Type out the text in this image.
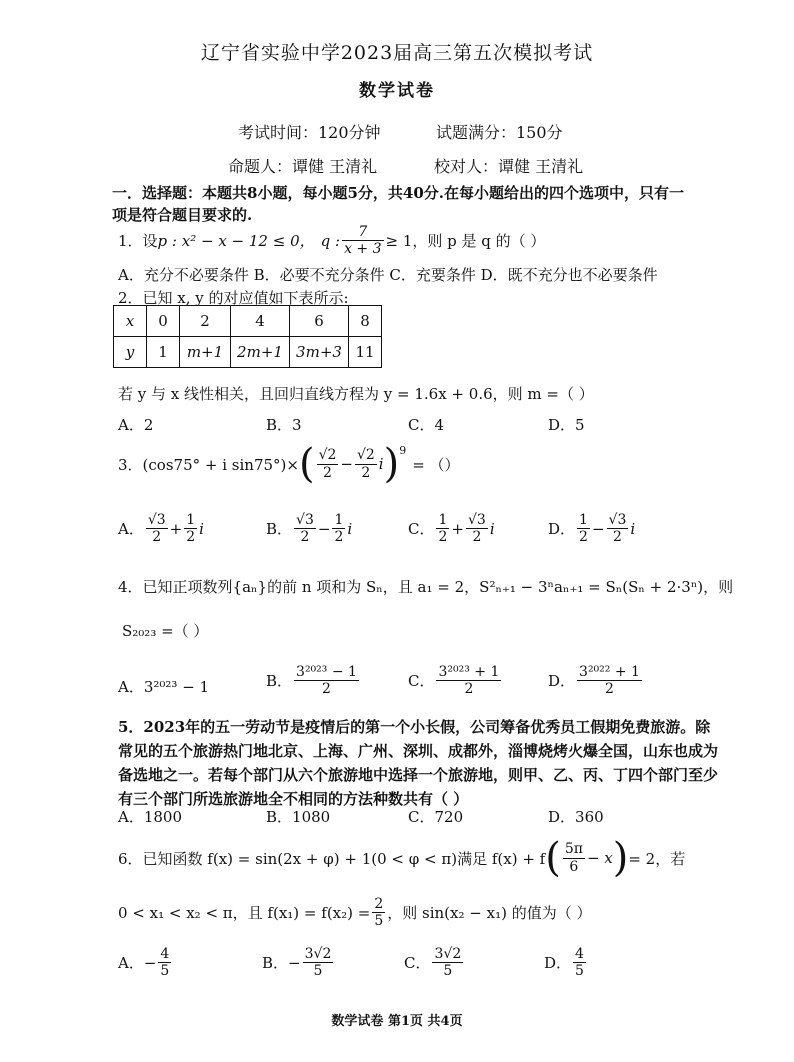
辽宁省实验中学2023届高三第五次模拟考试
数学试卷
考试时间：120分钟	试题满分：150分
命题人：谭健 王清礼	校对人：谭健 王清礼
一．选择题：本题共8小题，每小题5分，共40分.在每小题给出的四个选项中，只有一
项是符合题目要求的.
1．设 p : x² − x − 12 ≤ 0， q : $\frac{7}{x + 3} \ge 1$，则 p 是 q 的（ ）
A．充分不必要条件 B．必要不充分条件 C．充要条件 D．既不充分也不必要条件
2．已知 x, y 的对应值如下表所示:
x	0	2	4	6	8
y	1	m+1	2m+1	3m+3	11
若 y 与 x 线性相关，且回归直线方程为 y = 1.6x + 0.6，则 m =（ ）
A．2	B．3	C．4	D．5
3．(cos75° + i sin75°)× ( $\frac{√2}{2} - \frac{√2}{2}$ i ) 9
= （）
A． $\frac{√3}{2} + \frac{1}{2}$ i	B． $\frac{√3}{2} - \frac{1}{2}$ i	C． $\frac{1}{2} + \frac{√3}{2}$ i	D． $\frac{1}{2} - \frac{√3}{2}$ i
4．已知正项数列{aₙ}的前 n 项和为 Sₙ，且 a₁ = 2，S²ₙ₊₁ − 3ⁿaₙ₊₁ = Sₙ(Sₙ + 2·3ⁿ)，则
S₂₀₂₃ =（ ）
A．3²⁰²³ − 1	B． $\frac{\text{3²⁰²³ − 1}}{2}$	C． $\frac{\text{3²⁰²³ + 1}}{2}$	D． $\frac{\text{3²⁰²² + 1}}{2}$
5．2023年的五一劳动节是疫情后的第一个小长假，公司筹备优秀员工假期免费旅游。除
常见的五个旅游热门地北京、上海、广州、深圳、成都外，淄博烧烤火爆全国，山东也成为
备选地之一。若每个部门从六个旅游地中选择一个旅游地，则甲、乙、丙、丁四个部门至少
有三个部门所选旅游地全不相同的方法种数共有（ ）
A．1800	B．1080	C．720	D．360
6．已知函数 f(x) = sin(2x + φ) + 1(0 < φ < π)满足 f(x) + f ( $\frac{5\pi}{6} - x$ ) = 2，若
0 < x₁ < x₂ < π，且 $f(x_1) = f(x_2) = \frac{2}{5}$ ，则 sin(x₂ − x₁) 的值为（ ）
A． − $\frac{4}{5}$	B． − $\frac{3√2}{5}$	C． $\frac{3√2}{5}$	D． $\frac{4}{5}$
数学试卷 第1页 共4页
